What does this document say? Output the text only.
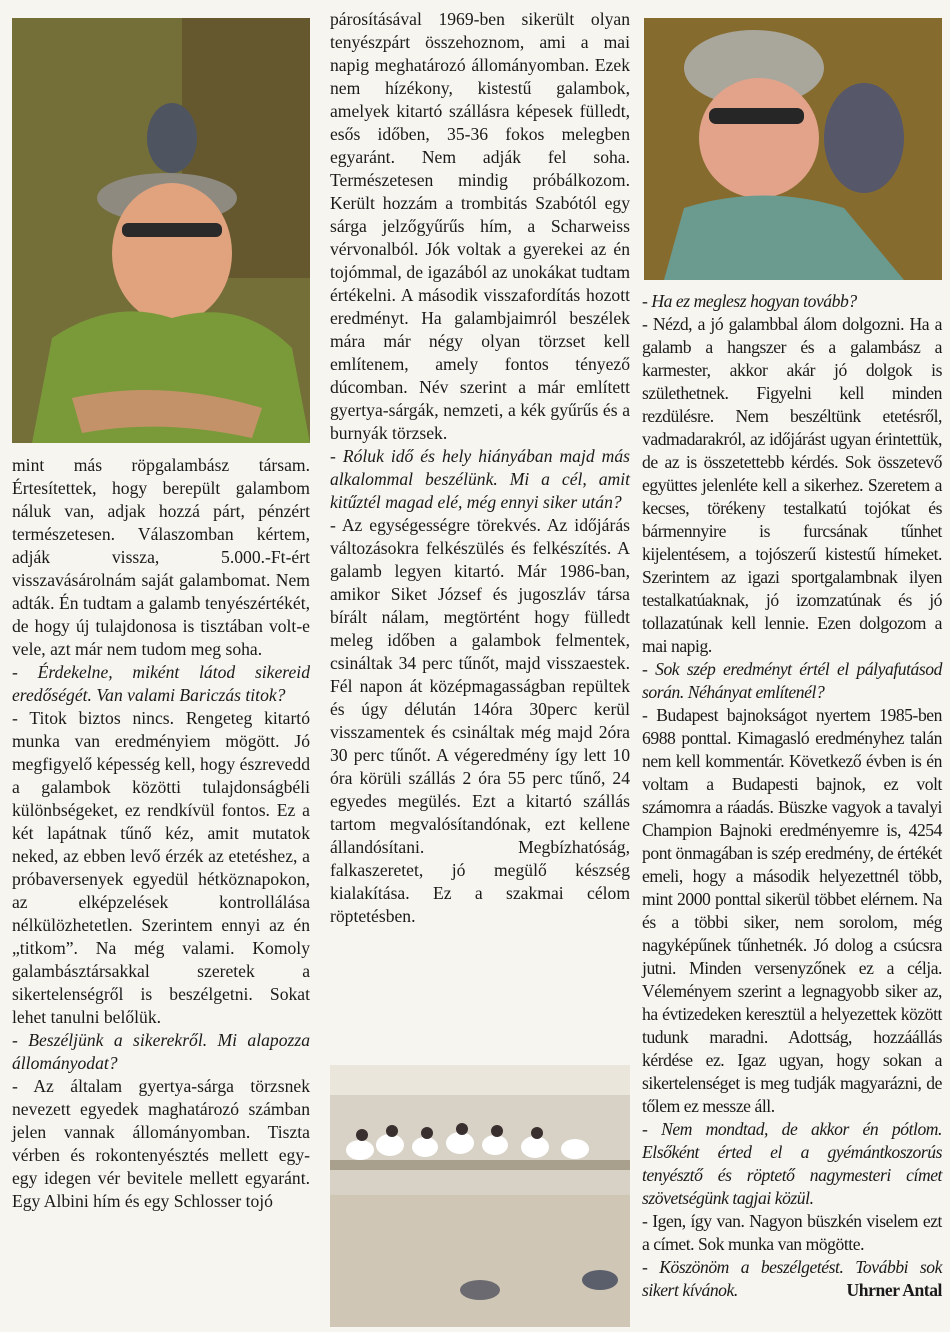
mint más röpgalambász társam. Értesítettek, hogy berepült galambom náluk van, adjak hozzá párt, pénzért természetesen. Válaszomban kértem, adják vissza, 5.000.-Ft-ért visszavásárolnám saját galambomat. Nem adták. Én tudtam a galamb tenyészértékét, de hogy új tulajdonosa is tisztában volt-e vele, azt már nem tudom meg soha.

- Érdekelne, miként látod sikereid eredőségét. Van valami Bariczás titok?

- Titok biztos nincs. Rengeteg kitartó munka van eredményiem mögött. Jó megfigyelő képesség kell, hogy észrevedd a galambok közötti tulajdonságbéli különbségeket, ez rendkívül fontos. Ez a két lapátnak tűnő kéz, amit mutatok neked, az ebben levő érzék az etetéshez, a próbaversenyek egyedül hétköznapokon, az elképzelések kontrollálása nélkülözhetetlen. Szerintem ennyi az én „titkom”. Na még valami. Komoly galambásztársakkal szeretek a sikertelenségről is beszélgetni. Sokat lehet tanulni belőlük.

- Beszéljünk a sikerekről. Mi alapozza állományodat?

- Az általam gyertya-sárga törzsnek nevezett egyedek maghatározó számban jelen vannak állományomban. Tiszta vérben és rokontenyésztés mellett egy-egy idegen vér bevitele mellett egyaránt. Egy Albini hím és egy Schlosser tojó

párosításával 1969-ben sikerült olyan tenyészpárt összehoznom, ami a mai napig meghatározó állományomban. Ezek nem hízékony, kistestű galambok, amelyek kitartó szállásra képesek fülledt, esős időben, 35-36 fokos melegben egyaránt. Nem adják fel soha. Természetesen mindig próbálkozom. Került hozzám a trombitás Szabótól egy sárga jelzőgyűrűs hím, a Scharweiss vérvonalból. Jók voltak a gyerekei az én tojómmal, de igazából az unokákat tudtam értékelni. A második visszafordítás hozott eredményt. Ha galambjaimról beszélek mára már négy olyan törzset kell említenem, amely fontos tényező dúcomban. Név szerint a már említett gyertya-sárgák, nemzeti, a kék gyűrűs és a burnyák törzsek.

- Róluk idő és hely hiányában majd más alkalommal beszélünk. Mi a cél, amit kitűztél magad elé, még ennyi siker után?

- Az egységességre törekvés. Az időjárás változásokra felkészülés és felkészítés. A galamb legyen kitartó. Már 1986-ban, amikor Siket József és jugoszláv társa bírált nálam, megtörtént hogy fülledt meleg időben a galambok felmentek, csináltak 34 perc tűnőt, majd visszaestek. Fél napon át középmagasságban repültek és úgy délután 14óra 30perc kerül visszamentek és csináltak még majd 2óra 30 perc tűnőt. A végeredmény így lett 10 óra körüli szállás 2 óra 55 perc tűnő, 24 egyedes megülés. Ezt a kitartó szállás tartom megvalósítandónak, ezt kellene állandósítani. Megbízhatóság, falkaszeretet, jó megülő készség kialakítása. Ez a szakmai célom röptetésben.

- Ha ez meglesz hogyan tovább?

- Nézd, a jó galambbal álom dolgozni. Ha a galamb a hangszer és a galambász a karmester, akkor akár jó dolgok is születhetnek. Figyelni kell minden rezdülésre. Nem beszéltünk etetésről, vadmadarakról, az időjárást ugyan érintettük, de az is összetettebb kérdés. Sok összetevő együttes jelenléte kell a sikerhez. Szeretem a kecses, törékeny testalkatú tojókat és bármennyire is furcsának tűnhet kijelentésem, a tojószerű kistestű hímeket. Szerintem az igazi sportgalambnak ilyen testalkatúaknak, jó izomzatúnak és jó tollazatúnak kell lennie. Ezen dolgozom a mai napig.

- Sok szép eredményt értél el pályafutásod során. Néhányat említenél?

- Budapest bajnokságot nyertem 1985-ben 6988 ponttal. Kimagasló eredményhez talán nem kell kommentár. Következő évben is én voltam a Budapesti bajnok, ez volt számomra a ráadás. Büszke vagyok a tavalyi Champion Bajnoki eredményemre is, 4254 pont önmagában is szép eredmény, de értékét emeli, hogy a második helyezettnél több, mint 2000 ponttal sikerül többet elérnem. Na és a többi siker, nem sorolom, még nagyképűnek tűnhetnék. Jó dolog a csúcsra jutni. Minden versenyzőnek ez a célja. Véleményem szerint a legnagyobb siker az, ha évtizedeken keresztül a helyezettek között tudunk maradni. Adottság, hozzáállás kérdése ez. Igaz ugyan, hogy sokan a sikertelenséget is meg tudják magyarázni, de tőlem ez messze áll.

- Nem mondtad, de akkor én pótlom. Elsőként érted el a gyémántkoszorús tenyésztő és röptető nagymesteri címet szövetségünk tagjai közül.

- Igen, így van. Nagyon büszkén viselem ezt a címet. Sok munka van mögötte.

- Köszönöm a beszélgetést. További sok sikert kívánok.	Uhrner Antal
